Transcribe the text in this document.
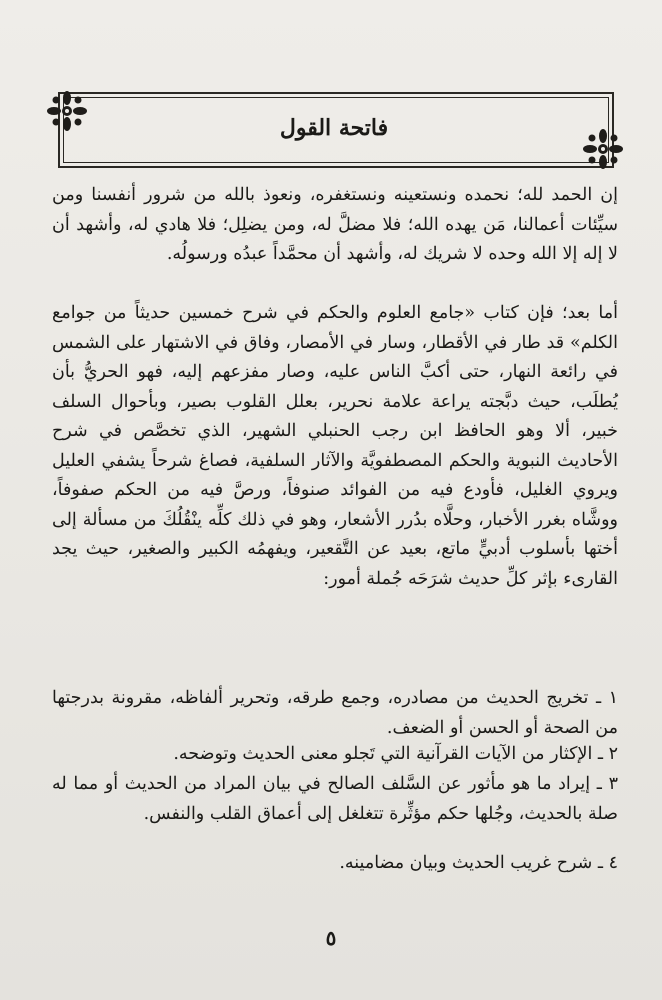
فاتحة القول

إن الحمد لله؛ نحمده ونستعينه ونستغفره، ونعوذ بالله من شرور أنفسنا ومن سيِّئات أعمالنا، مَن يهده الله؛ فلا مضلَّ له، ومن يضلِل؛ فلا هادي له، وأشهد أن لا إله إلا الله وحده لا شريك له، وأشهد أن محمَّداً عبدُه ورسولُه.

أما بعد؛ فإن كتاب «جامع العلوم والحكم في شرح خمسين حديثاً من جوامع الكلم» قد طار في الأقطار، وسار في الأمصار، وفاق في الاشتهار على الشمس في رائعة النهار، حتى أكبَّ الناس عليه، وصار مفزعهم إليه، فهو الحريُّ بأن يُطلَب، حيث دبَّجته يراعة علامة نحرير، بعلل القلوب بصير، وبأحوال السلف خبير، ألا وهو الحافظ ابن رجب الحنبلي الشهير، الذي تخصَّص في شرح الأحاديث النبوية والحكم المصطفويَّة والآثار السلفية، فصاغ شرحاً يشفي العليل ويروي الغليل، فأودع فيه من الفوائد صنوفاً، ورصَّ فيه من الحكم صفوفاً، ووشَّاه بغرر الأخبار، وحلَّاه بدُرر الأشعار، وهو في ذلك كلِّه ينْقُلُكَ من مسألة إلى أختها بأسلوب أدبيٍّ ماتع، بعيد عن التَّقعير، ويفهمُه الكبير والصغير، حيث يجد القارىء بإثر كلِّ حديث شرَحَه جُملة أمور:

١ ـ تخريج الحديث من مصادره، وجمع طرقه، وتحرير ألفاظه، مقرونة بدرجتها من الصحة أو الحسن أو الضعف.

٢ ـ الإكثار من الآيات القرآنية التي تَجلو معنى الحديث وتوضحه.

٣ ـ إيراد ما هو مأثور عن السَّلف الصالح في بيان المراد من الحديث أو مما له صلة بالحديث، وجُلها حكم مؤثِّرة تتغلغل إلى أعماق القلب والنفس.

٤ ـ شرح غريب الحديث وبيان مضامينه.

٥
